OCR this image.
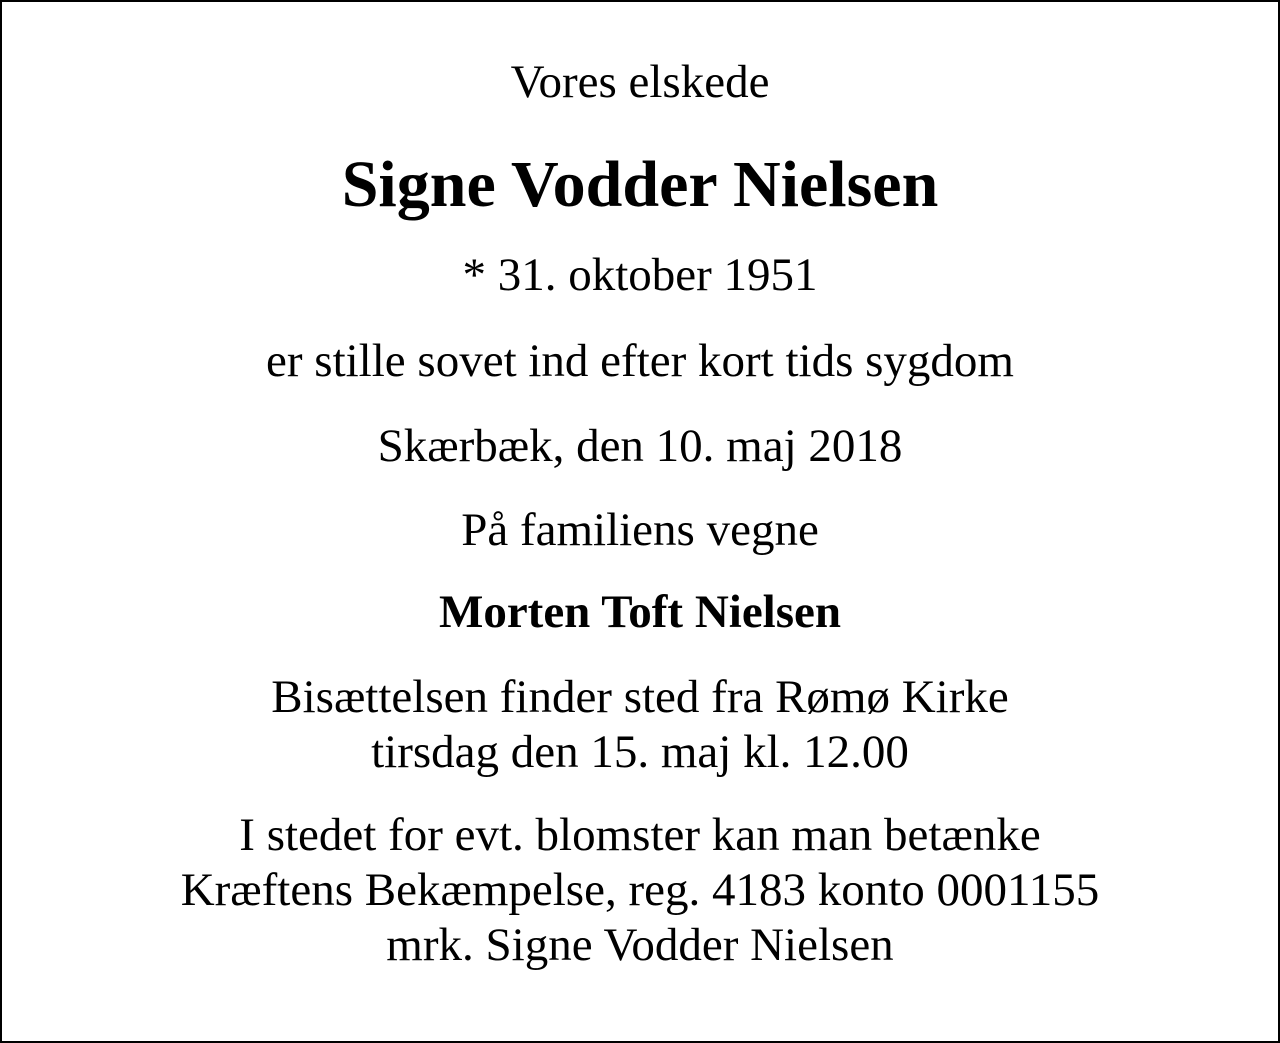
Vores elskede

Signe Vodder Nielsen

* 31. oktober 1951

er stille sovet ind efter kort tids sygdom

Skærbæk, den 10. maj 2018

På familiens vegne

Morten Toft Nielsen

Bisættelsen finder sted fra Rømø Kirke
tirsdag den 15. maj kl. 12.00
I stedet for evt. blomster kan man betænke
Kræftens Bekæmpelse, reg. 4183 konto 0001155
mrk. Signe Vodder Nielsen
